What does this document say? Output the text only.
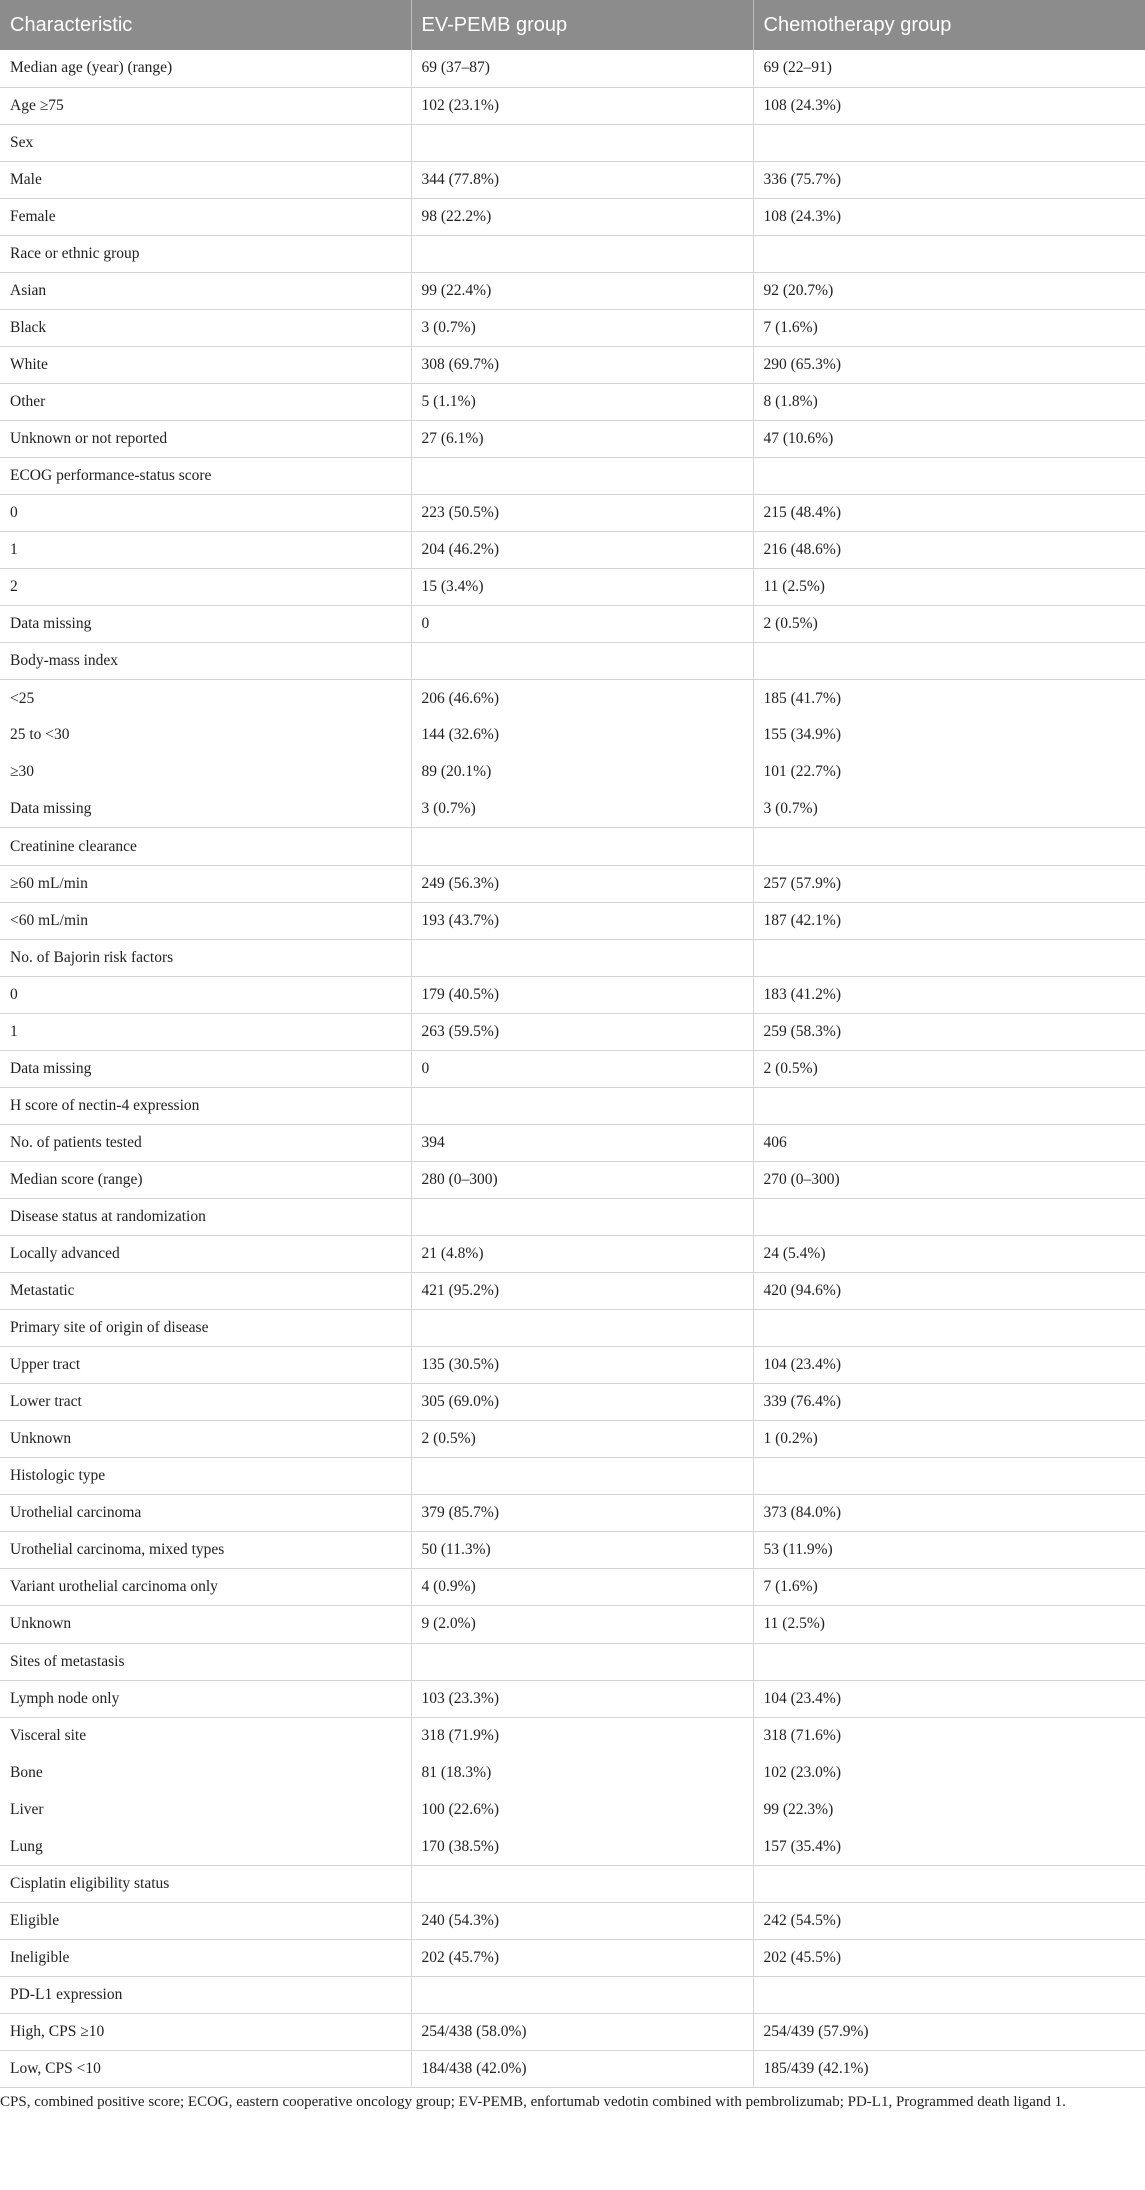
Characteristic	EV-PEMB group	Chemotherapy group
Median age (year) (range)	69 (37–87)	69 (22–91)
Age ≥75	102 (23.1%)	108 (24.3%)
Sex		
Male	344 (77.8%)	336 (75.7%)
Female	98 (22.2%)	108 (24.3%)
Race or ethnic group		
Asian	99 (22.4%)	92 (20.7%)
Black	3 (0.7%)	7 (1.6%)
White	308 (69.7%)	290 (65.3%)
Other	5 (1.1%)	8 (1.8%)
Unknown or not reported	27 (6.1%)	47 (10.6%)
ECOG performance-status score		
0	223 (50.5%)	215 (48.4%)
1	204 (46.2%)	216 (48.6%)
2	15 (3.4%)	11 (2.5%)
Data missing	0	2 (0.5%)
Body-mass index		
<25	206 (46.6%)	185 (41.7%)
25 to <30	144 (32.6%)	155 (34.9%)
≥30	89 (20.1%)	101 (22.7%)
Data missing	3 (0.7%)	3 (0.7%)
Creatinine clearance		
≥60 mL/min	249 (56.3%)	257 (57.9%)
<60 mL/min	193 (43.7%)	187 (42.1%)
No. of Bajorin risk factors		
0	179 (40.5%)	183 (41.2%)
1	263 (59.5%)	259 (58.3%)
Data missing	0	2 (0.5%)
H score of nectin-4 expression		
No. of patients tested	394	406
Median score (range)	280 (0–300)	270 (0–300)
Disease status at randomization		
Locally advanced	21 (4.8%)	24 (5.4%)
Metastatic	421 (95.2%)	420 (94.6%)
Primary site of origin of disease		
Upper tract	135 (30.5%)	104 (23.4%)
Lower tract	305 (69.0%)	339 (76.4%)
Unknown	2 (0.5%)	1 (0.2%)
Histologic type		
Urothelial carcinoma	379 (85.7%)	373 (84.0%)
Urothelial carcinoma, mixed types	50 (11.3%)	53 (11.9%)
Variant urothelial carcinoma only	4 (0.9%)	7 (1.6%)
Unknown	9 (2.0%)	11 (2.5%)
Sites of metastasis		
Lymph node only	103 (23.3%)	104 (23.4%)
Visceral site	318 (71.9%)	318 (71.6%)
Bone	81 (18.3%)	102 (23.0%)
Liver	100 (22.6%)	99 (22.3%)
Lung	170 (38.5%)	157 (35.4%)
Cisplatin eligibility status		
Eligible	240 (54.3%)	242 (54.5%)
Ineligible	202 (45.7%)	202 (45.5%)
PD-L1 expression		
High, CPS ≥10	254/438 (58.0%)	254/439 (57.9%)
Low, CPS <10	184/438 (42.0%)	185/439 (42.1%)
CPS, combined positive score; ECOG, eastern cooperative oncology group; EV-PEMB, enfortumab vedotin combined with pembrolizumab; PD-L1, Programmed death ligand 1.
